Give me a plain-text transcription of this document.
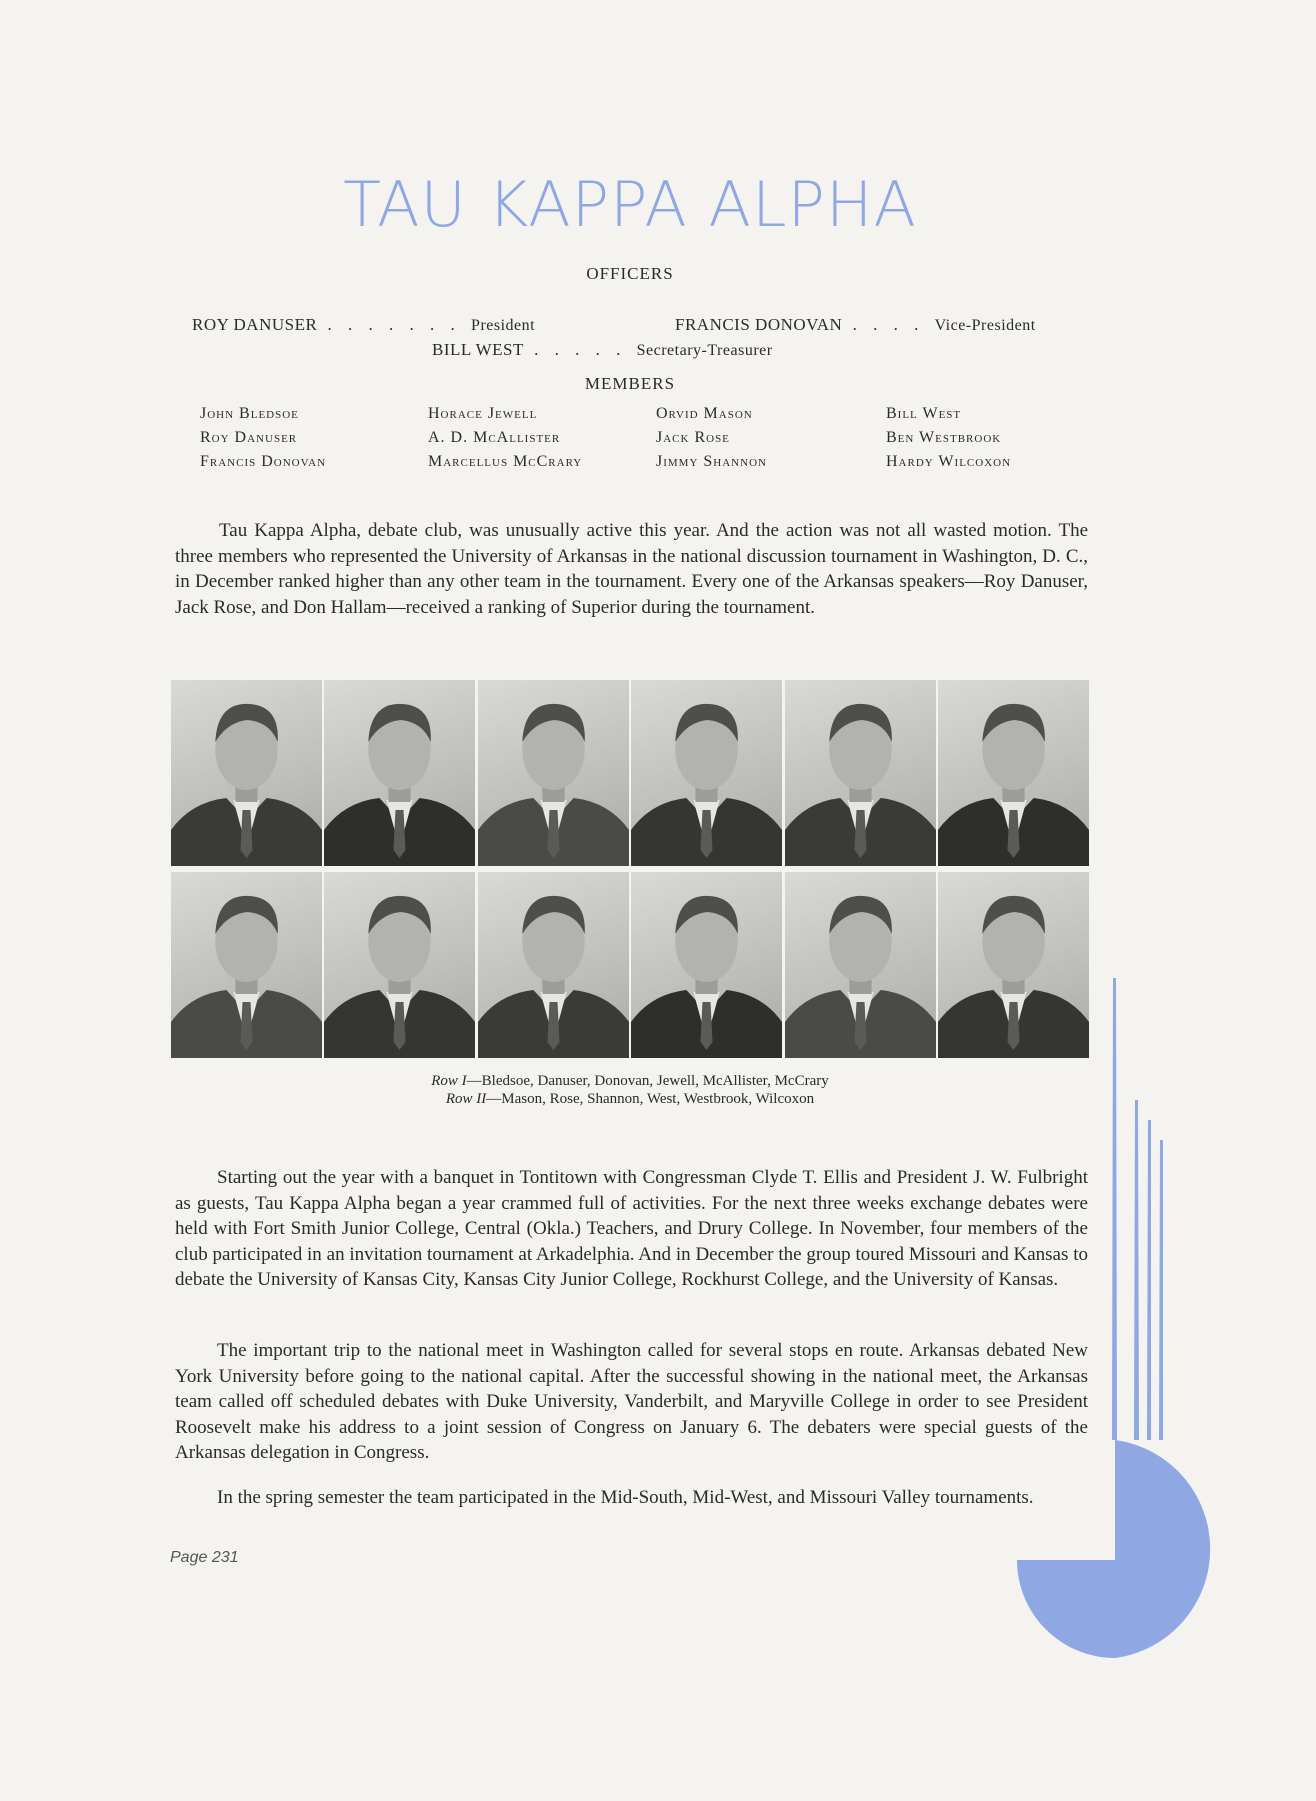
TAU KAPPA ALPHA
OFFICERS

ROY DANUSER . . . . . . . President
	FRANCIS DONOVAN . . . . Vice-President

BILL WEST . . . . . Secretary-Treasurer

MEMBERS
John Bledsoe	Horace Jewell	Orvid Mason	Bill West
Roy Danuser	A. D. McAllister	Jack Rose	Ben Westbrook
Francis Donovan	Marcellus McCrary	Jimmy Shannon	Hardy Wilcoxon
Tau Kappa Alpha, debate club, was unusually active this year. And the action was not all wasted motion. The three members who represented the University of Arkansas in the national discussion tournament in Washington, D. C., in December ranked higher than any other team in the tournament. Every one of the Arkansas speakers—Roy Danuser, Jack Rose, and Don Hallam—received a ranking of Superior during the tournament.
Row I—Bledsoe, Danuser, Donovan, Jewell, McAllister, McCrary
Row II—Mason, Rose, Shannon, West, Westbrook, Wilcoxon
Starting out the year with a banquet in Tontitown with Congressman Clyde T. Ellis and President J. W. Fulbright as guests, Tau Kappa Alpha began a year crammed full of activities. For the next three weeks exchange debates were held with Fort Smith Junior College, Central (Okla.) Teachers, and Drury College. In November, four members of the club participated in an invitation tournament at Arkadelphia. And in December the group toured Missouri and Kansas to debate the University of Kansas City, Kansas City Junior College, Rockhurst College, and the University of Kansas.
The important trip to the national meet in Washington called for several stops en route. Arkansas debated New York University before going to the national capital. After the successful showing in the national meet, the Arkansas team called off scheduled debates with Duke University, Vanderbilt, and Maryville College in order to see President Roosevelt make his address to a joint session of Congress on January 6. The debaters were special guests of the Arkansas delegation in Congress.
In the spring semester the team participated in the Mid-South, Mid-West, and Missouri Valley tournaments.
Page 231
